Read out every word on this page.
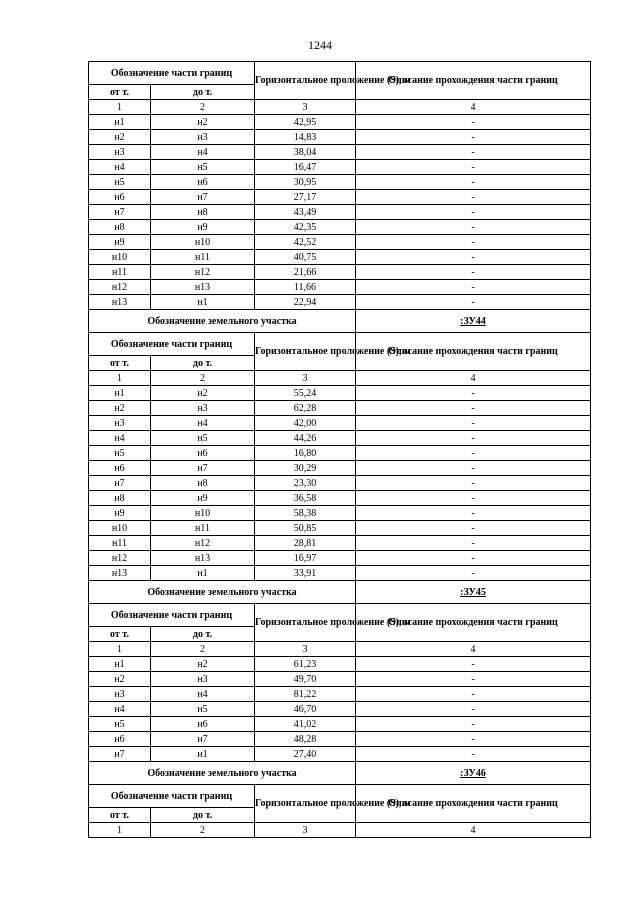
1244
Обозначение части границ		Горизонтальное проложение (S), м	Описание прохождения части границ
от т.	до т.		
1	2	3	4
н1	н2	42,95	-
н2	н3	14,83	-
н3	н4	38,04	-
н4	н5	16,47	-
н5	н6	30,95	-
н6	н7	27,17	-
н7	н8	43,49	-
н8	н9	42,35	-
н9	н10	42,52	-
н10	н11	40,75	-
н11	н12	21,66	-
н12	н13	11,66	-
н13	н1	22,94	-
Обозначение земельного участка			:ЗУ44
Обозначение части границ		Горизонтальное проложение (S), м	Описание прохождения части границ
от т.	до т.		
1	2	3	4
н1	н2	55,24	-
н2	н3	62,28	-
н3	н4	42,00	-
н4	н5	44,26	-
н5	н6	16,80	-
н6	н7	30,29	-
н7	н8	23,30	-
н8	н9	36,58	-
н9	н10	58,38	-
н10	н11	50,85	-
н11	н12	28,81	-
н12	н13	16,97	-
н13	н1	33,91	-
Обозначение земельного участка			:ЗУ45
Обозначение части границ		Горизонтальное проложение (S), м	Описание прохождения части границ
от т.	до т.		
1	2	3	4
н1	н2	61,23	-
н2	н3	49,70	-
н3	н4	81,22	-
н4	н5	46,70	-
н5	н6	41,02	-
н6	н7	48,28	-
н7	н1	27,40	-
Обозначение земельного участка			:ЗУ46
Обозначение части границ		Горизонтальное проложение (S), м	Описание прохождения части границ
от т.	до т.		
1	2	3	4
